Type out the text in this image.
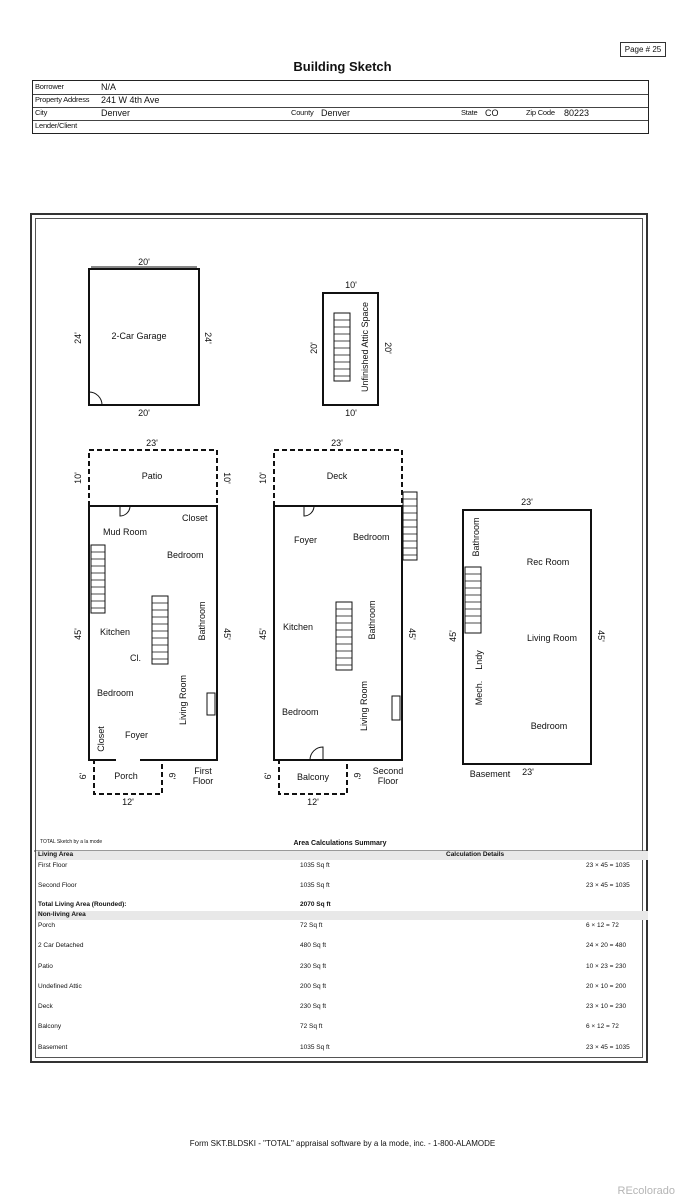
Page # 25
Building Sketch
Borrower	N/A
Property Address 241 W 4th Ave
City	Denver	County Denver	State CO	Zip Code 80223
Lender/Client
20'
20'
24'	24'
2-Car Garage
10'
10'
20'	20'
Unfinished Attic Space
23'
10'	10'
Patio
45'	45'
Mud Room
Closet
Bedroom
Kitchen	Bathroom
Cl.
Bedroom	Living Room
Closet Foyer
Porch
6'	6'
12'
First
Floor
23'
10'	Deck
45'	45'
Foyer	Bedroom
Kitchen	Bathroom
Bedroom	Living Room
Balcony
6'	6'
12'
Second
Floor
23'
23'
45'	45'
Bathroom
Rec Room
Living Room
Mech.
Lndy
Bedroom
Basement
TOTAL Sketch by a la mode	Area Calculations Summary
Living Area	Calculation Details
First Floor	1035 Sq ft	23 × 45 = 1035
Second Floor	1035 Sq ft	23 × 45 = 1035
Total Living Area (Rounded):	2070 Sq ft
Non-living Area
Porch	72 Sq ft	6 × 12 = 72
2 Car Detached	480 Sq ft	24 × 20 = 480
Patio	230 Sq ft	10 × 23 = 230
Undefined Attic	200 Sq ft	20 × 10 = 200
Deck	230 Sq ft	23 × 10 = 230
Balcony	72 Sq ft	6 × 12 = 72
Basement	1035 Sq ft	23 × 45 = 1035
Form SKT.BLDSKI - "TOTAL" appraisal software by a la mode, inc. - 1-800-ALAMODE
REcolorado
